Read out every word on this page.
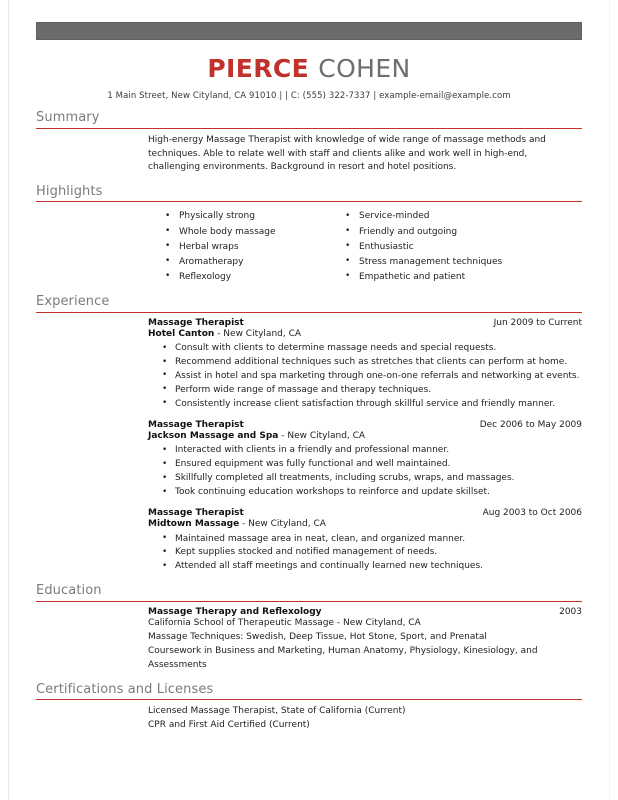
PIERCE COHEN
1 Main Street, New Cityland, CA 91010 | | C: (555) 322-7337 | example-email@example.com
Summary
High-energy Massage Therapist with knowledge of wide range of massage methods and techniques. Able to relate well with staff and clients alike and work well in high-end, challenging environments. Background in resort and hotel positions.
Highlights
• Physically strong
• Whole body massage
• Herbal wraps
• Aromatherapy
• Reflexology
• Service-minded
• Friendly and outgoing
• Enthusiastic
• Stress management techniques
• Empathetic and patient
Experience
Massage Therapist	Jun 2009 to Current
Hotel Canton - New Cityland, CA
• Consult with clients to determine massage needs and special requests.
• Recommend additional techniques such as stretches that clients can perform at home.
• Assist in hotel and spa marketing through one-on-one referrals and networking at events.
• Perform wide range of massage and therapy techniques.
• Consistently increase client satisfaction through skillful service and friendly manner.
Massage Therapist	Dec 2006 to May 2009
Jackson Massage and Spa - New Cityland, CA
• Interacted with clients in a friendly and professional manner.
• Ensured equipment was fully functional and well maintained.
• Skillfully completed all treatments, including scrubs, wraps, and massages.
• Took continuing education workshops to reinforce and update skillset.
Massage Therapist	Aug 2003 to Oct 2006
Midtown Massage - New Cityland, CA
• Maintained massage area in neat, clean, and organized manner.
• Kept supplies stocked and notified management of needs.
• Attended all staff meetings and continually learned new techniques.
Education
Massage Therapy and Reflexology	2003
California School of Therapeutic Massage - New Cityland, CA
Massage Techniques: Swedish, Deep Tissue, Hot Stone, Sport, and Prenatal
Coursework in Business and Marketing, Human Anatomy, Physiology, Kinesiology, and Assessments
Certifications and Licenses
Licensed Massage Therapist, State of California (Current)
CPR and First Aid Certified (Current)
